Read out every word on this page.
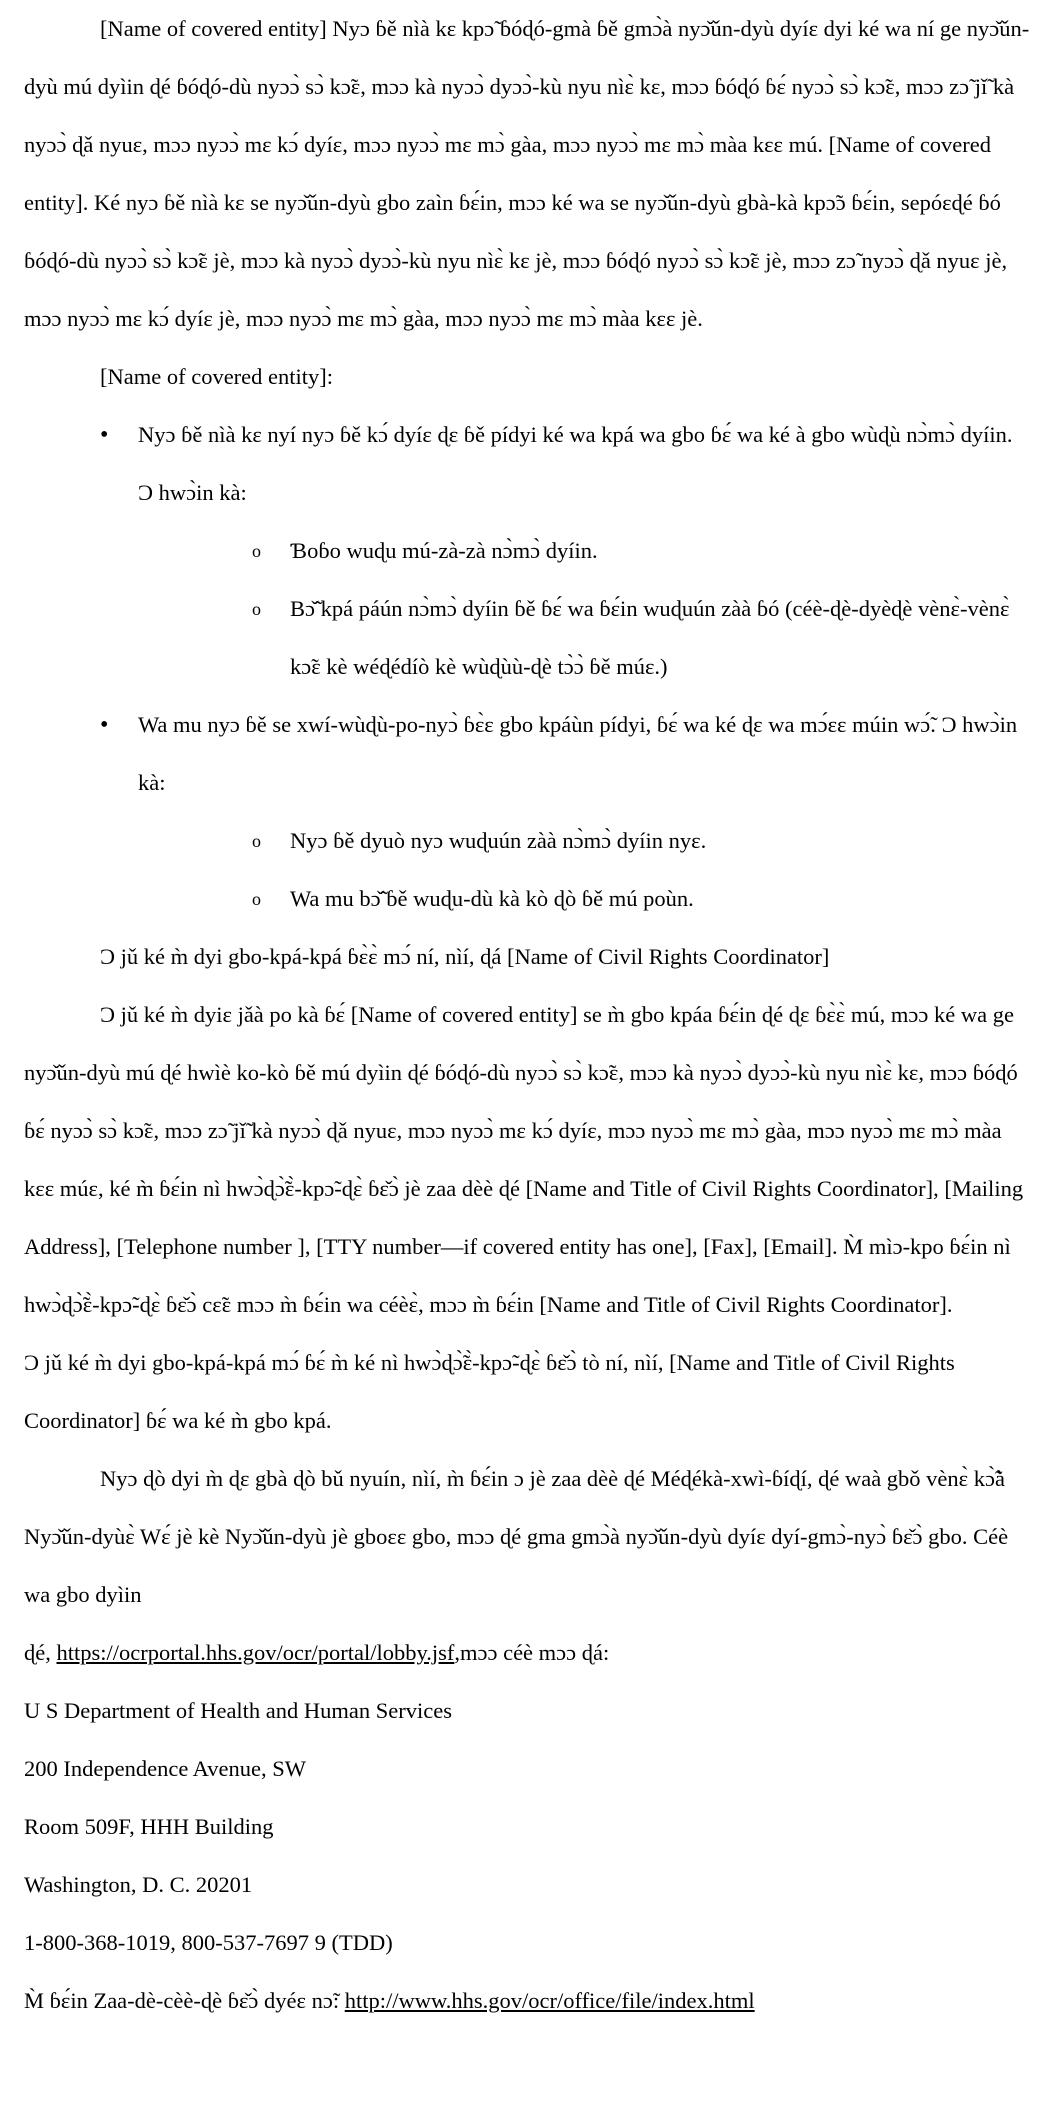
[Name of covered entity] Nyɔ ɓě nìà kɛ kpɔ̃ ɓóɖó-gmà ɓě gmɔ̀à nyɔ̌ǔn-dyù dyíɛ dyi ké wa ní ge nyɔ̌ǔn-dyù mú dyìin ɖé ɓóɖó-dù nyɔɔ̀ sɔ̀ kɔ̃ɛ, mɔɔ kà nyɔɔ̀ dyɔɔ̀-kù nyu nìɛ̀ kɛ, mɔɔ ɓóɖó ɓɛ́ nyɔɔ̀ sɔ̀ kɔ̃ɛ, mɔɔ zɔ̃ jǐ̃ kà nyɔɔ̀ ɖǎ nyuɛ, mɔɔ nyɔɔ̀ mɛ kɔ́ dyíɛ, mɔɔ nyɔɔ̀ mɛ mɔ̀ gàa, mɔɔ nyɔɔ̀ mɛ mɔ̀ màa kɛɛ mú. [Name of covered entity]. Ké nyɔ ɓě nìà kɛ se nyɔ̌ǔn-dyù gbo zaìn ɓɛ́in, mɔɔ ké wa se nyɔ̌ǔn-dyù gbà-kà kpɔ̃ɔ ɓɛ́in, sepóɛɖé ɓó ɓóɖó-dù nyɔɔ̀ sɔ̀ kɔ̃ɛ jè, mɔɔ kà nyɔɔ̀ dyɔɔ̀-kù nyu nìɛ̀ kɛ jè, mɔɔ ɓóɖó nyɔɔ̀ sɔ̀ kɔ̃ɛ jè, mɔɔ zɔ̃ nyɔɔ̀ ɖǎ nyuɛ jè, mɔɔ nyɔɔ̀ mɛ kɔ́ dyíɛ jè, mɔɔ nyɔɔ̀ mɛ mɔ̀ gàa, mɔɔ nyɔɔ̀ mɛ mɔ̀ màa kɛɛ jè.

[Name of covered entity]:

• Nyɔ ɓě nìà kɛ nyí nyɔ ɓě kɔ́ dyíɛ ɖɛ ɓě pídyi ké wa kpá wa gbo ɓɛ́ wa ké à gbo wùɖù nɔ̀mɔ̀ dyíin. Ɔ hwɔ̀in kà:
o Ɓoɓo wuɖu mú-zà-zà nɔ̀mɔ̀ dyíin.
o Bɔ̃̌ kpá páún nɔ̀mɔ̀ dyíin ɓě ɓɛ́ wa ɓɛ́in wuɖuún zàà ɓó (céè-ɖè-dyèɖè vènɛ̀-vènɛ̀ kɔ̃ɛ kè wéɖédíò kè wùɖùù-ɖè tɔ̀ɔ̀ ɓě múɛ.)
• Wa mu nyɔ ɓě se xwí-wùɖù-po-nyɔ̀ ɓɛ̀ɛ gbo kpáùn pídyi, ɓɛ́ wa ké ɖɛ wa mɔ́ɛɛ múin wɔ̃́. Ɔ hwɔ̀in kà:
o Nyɔ ɓě dyuò nyɔ wuɖuún zàà nɔ̀mɔ̀ dyíin nyɛ.
o Wa mu bɔ̃̌ ɓě wuɖu-dù kà kò ɖò ɓě mú poùn.

Ɔ jǔ ké m̀ dyi gbo-kpá-kpá ɓɛ̀ɛ̀ mɔ́ ní, nìí, ɖá [Name of Civil Rights Coordinator]

Ɔ jǔ ké m̀ dyiɛ jǎà po kà ɓɛ́ [Name of covered entity] se m̀ gbo kpáa ɓɛ́in ɖé ɖɛ ɓɛ̀ɛ̀ mú, mɔɔ ké wa ge nyɔ̌ǔn-dyù mú ɖé hwìè ko-kò ɓě mú dyìin ɖé ɓóɖó-dù nyɔɔ̀ sɔ̀ kɔ̃ɛ, mɔɔ kà nyɔɔ̀ dyɔɔ̀-kù nyu nìɛ̀ kɛ, mɔɔ ɓóɖó ɓɛ́ nyɔɔ̀ sɔ̀ kɔ̃ɛ, mɔɔ zɔ̃ jǐ̃ kà nyɔɔ̀ ɖǎ nyuɛ, mɔɔ nyɔɔ̀ mɛ kɔ́ dyíɛ, mɔɔ nyɔɔ̀ mɛ mɔ̀ gàa, mɔɔ nyɔɔ̀ mɛ mɔ̀ màa kɛɛ múɛ, ké m̀ ɓɛ́in nì hwɔ̀ɖɔ̃̀ɛ̀-kpɔ̃-ɖɛ̀ ɓɛ̌ɔ̀ jè zaa dèè ɖé [Name and Title of Civil Rights Coordinator], [Mailing Address], [Telephone number ], [TTY number—if covered entity has one], [Fax], [Email]. M̀ mìɔ-kpo ɓɛ́in nì hwɔ̀ɖɔ̃̀ɛ̀-kpɔ̃-ɖɛ̀ ɓɛ̌ɔ̀ cɛ̃ɛ mɔɔ m̀ ɓɛ́in wa céèɛ̀, mɔɔ m̀ ɓɛ́in [Name and Title of Civil Rights Coordinator].

Ɔ jǔ ké m̀ dyi gbo-kpá-kpá mɔ́ ɓɛ́ m̀ ké nì hwɔ̀ɖɔ̃̀ɛ̀-kpɔ̃-ɖɛ̀ ɓɛ̌ɔ̀ tò ní, nìí, [Name and Title of Civil Rights Coordinator] ɓɛ́ wa ké m̀ gbo kpá.

Nyɔ ɖò dyi m̀ ɖɛ gbà ɖò bǔ nyuín, nìí, m̀ ɓɛ́in ɔ jè zaa dèè ɖé Méɖékà-xwì-ɓíɖí, ɖé waà gbǒ vènɛ̀ kɔ̃̀à Nyɔ̌ǔn-dyùɛ̀ Wɛ́ jè kè Nyɔ̌ǔn-dyù jè gboɛɛ gbo, mɔɔ ɖé gma gmɔ̀à nyɔ̌ǔn-dyù dyíɛ dyí-gmɔ̀-nyɔ̀ ɓɛ̌ɔ̀ gbo. Céè wa gbo dyìin

ɖé, https://ocrportal.hhs.gov/ocr/portal/lobby.jsf,mɔɔ céè mɔɔ ɖá:

U S Department of Health and Human Services

200 Independence Avenue, SW

Room 509F, HHH Building

Washington, D. C. 20201

1-800-368-1019, 800-537-7697 9 (TDD)

M̀ ɓɛ́in Zaa-dè-cèè-ɖè ɓɛ̌ɔ̀ dyéɛ nɔ̃: http://www.hhs.gov/ocr/office/file/index.html
